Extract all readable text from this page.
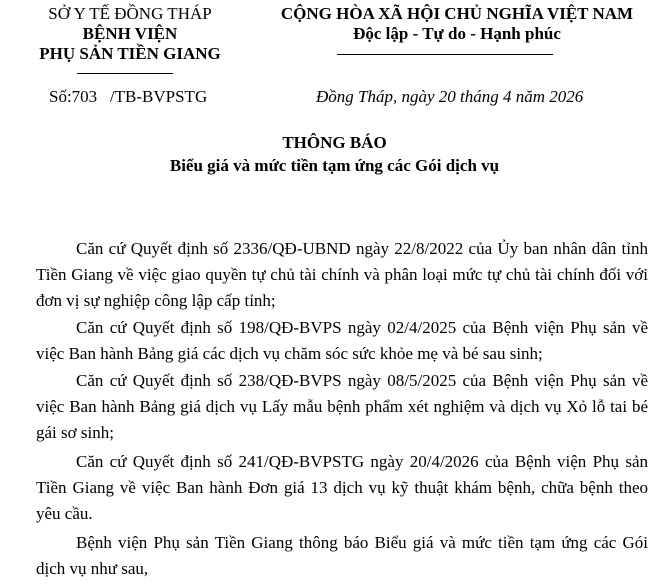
SỞ Y TẾ ĐỒNG THÁP
BỆNH VIỆN
PHỤ SẢN TIỀN GIANG
CỘNG HÒA XÃ HỘI CHỦ NGHĨA VIỆT NAM
Độc lập - Tự do - Hạnh phúc
Số:703   /TB-BVPSTG	Đồng Tháp, ngày 20 tháng 4 năm 2026
THÔNG BÁO
Biểu giá và mức tiền tạm ứng các Gói dịch vụ
Căn cứ Quyết định số 2336/QĐ-UBND ngày 22/8/2022 của Ủy ban nhân dân tỉnh Tiền Giang về việc giao quyền tự chủ tài chính và phân loại mức tự chủ tài chính đối với đơn vị sự nghiệp công lập cấp tỉnh;
Căn cứ Quyết định số 198/QĐ-BVPS ngày 02/4/2025 của Bệnh viện Phụ sản về việc Ban hành Bảng giá các dịch vụ chăm sóc sức khỏe mẹ và bé sau sinh;
Căn cứ Quyết định số 238/QĐ-BVPS ngày 08/5/2025 của Bệnh viện Phụ sản về việc Ban hành Bảng giá dịch vụ Lấy mẫu bệnh phẩm xét nghiệm và dịch vụ Xỏ lỗ tai bé gái sơ sinh;
Căn cứ Quyết định số 241/QĐ-BVPSTG ngày 20/4/2026 của Bệnh viện Phụ sản Tiền Giang về việc Ban hành Đơn giá 13 dịch vụ kỹ thuật khám bệnh, chữa bệnh theo yêu cầu.
Bệnh viện Phụ sản Tiền Giang thông báo Biểu giá và mức tiền tạm ứng các Gói dịch vụ như sau,
